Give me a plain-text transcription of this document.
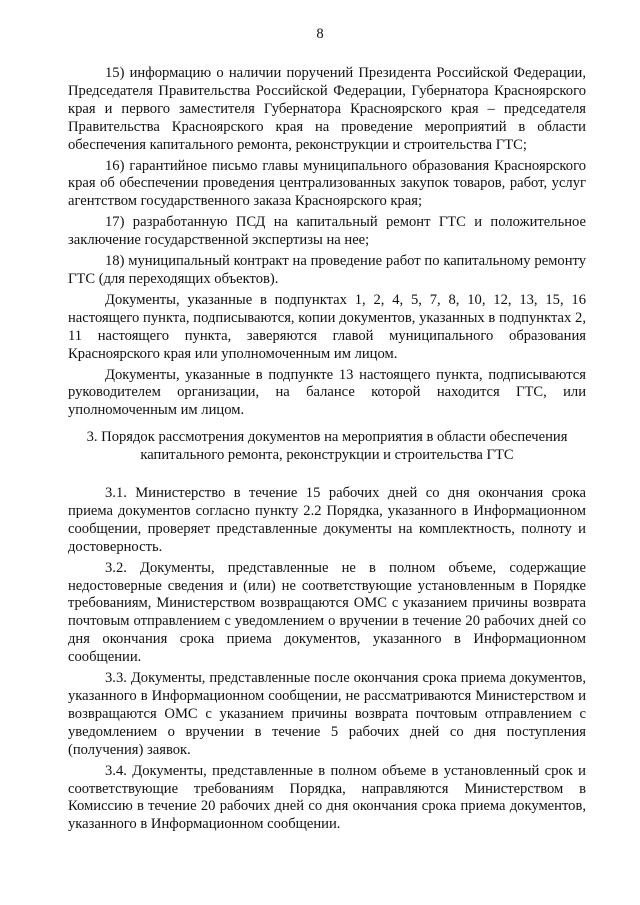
8

15) информацию о наличии поручений Президента Российской Федерации, Председателя Правительства Российской Федерации, Губернатора Красноярского края и первого заместителя Губернатора Красноярского края – председателя Правительства Красноярского края на проведение мероприятий в области обеспечения капитального ремонта, реконструкции и строительства ГТС;

16) гарантийное письмо главы муниципального образования Красноярского края об обеспечении проведения централизованных закупок товаров, работ, услуг агентством государственного заказа Красноярского края;

17) разработанную ПСД на капитальный ремонт ГТС и положительное заключение государственной экспертизы на нее;

18) муниципальный контракт на проведение работ по капитальному ремонту ГТС (для переходящих объектов).

Документы, указанные в подпунктах 1, 2, 4, 5, 7, 8, 10, 12, 13, 15, 16 настоящего пункта, подписываются, копии документов, указанных в подпунктах 2, 11 настоящего пункта, заверяются главой муниципального образования Красноярского края или уполномоченным им лицом.

Документы, указанные в подпункте 13 настоящего пункта, подписываются руководителем организации, на балансе которой находится ГТС, или уполномоченным им лицом.

3. Порядок рассмотрения документов на мероприятия в области обеспечения капитального ремонта, реконструкции и строительства ГТС

3.1. Министерство в течение 15 рабочих дней со дня окончания срока приема документов согласно пункту 2.2 Порядка, указанного в Информационном сообщении, проверяет представленные документы на комплектность, полноту и достоверность.

3.2. Документы, представленные не в полном объеме, содержащие недостоверные сведения и (или) не соответствующие установленным в Порядке требованиям, Министерством возвращаются ОМС с указанием причины возврата почтовым отправлением с уведомлением о вручении в течение 20 рабочих дней со дня окончания срока приема документов, указанного в Информационном сообщении.

3.3. Документы, представленные после окончания срока приема документов, указанного в Информационном сообщении, не рассматриваются Министерством и возвращаются ОМС с указанием причины возврата почтовым отправлением с уведомлением о вручении в течение 5 рабочих дней со дня поступления (получения) заявок.

3.4. Документы, представленные в полном объеме в установленный срок и соответствующие требованиям Порядка, направляются Министерством в Комиссию в течение 20 рабочих дней со дня окончания срока приема документов, указанного в Информационном сообщении.
